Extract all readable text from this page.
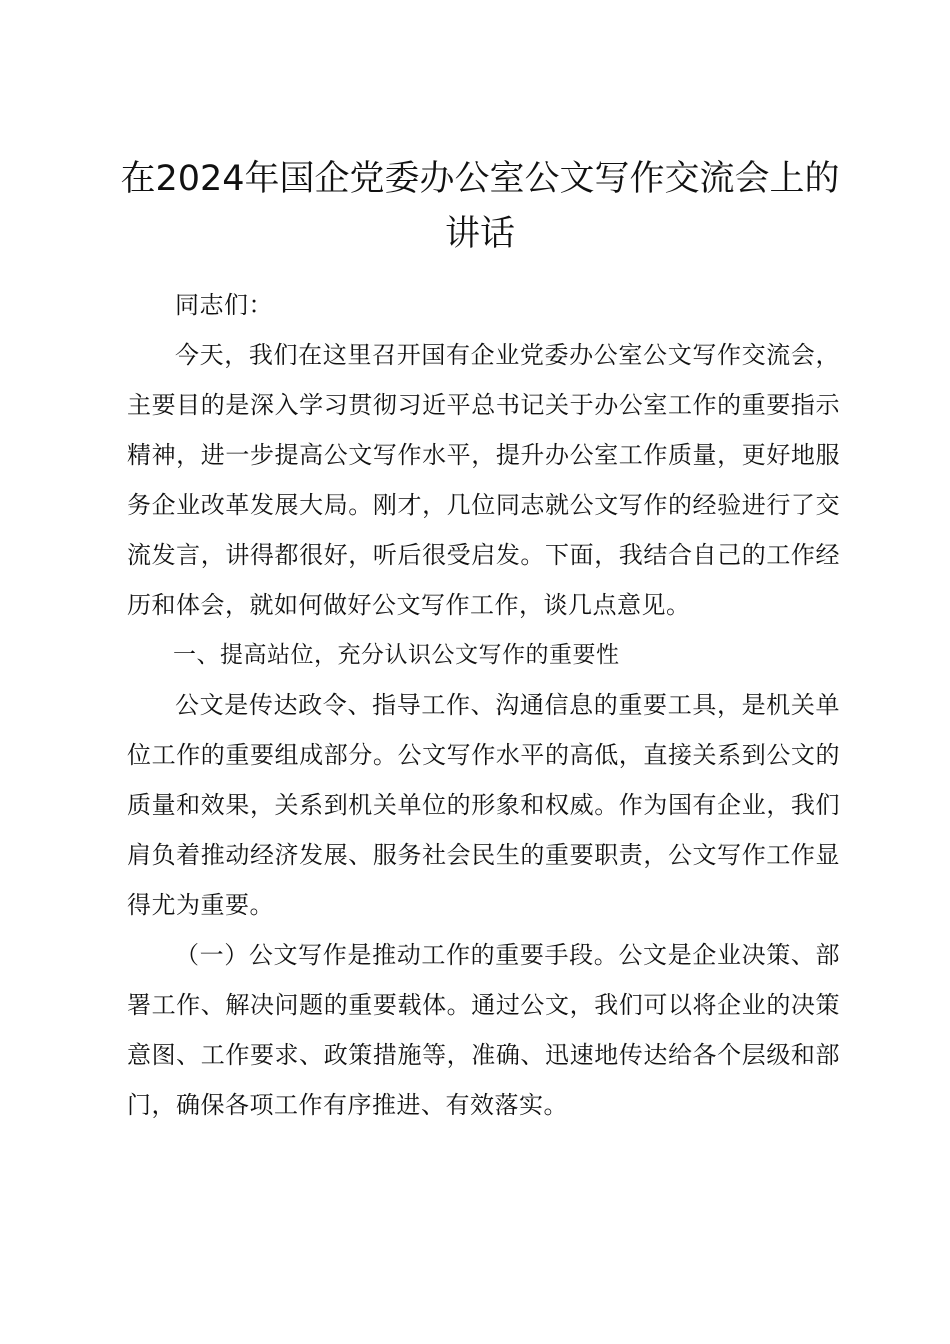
在2024年国企党委办公室公文写作交流会上的讲话

同志们：

今天，我们在这里召开国有企业党委办公室公文写作交流会，主要目的是深入学习贯彻习近平总书记关于办公室工作的重要指示精神，进一步提高公文写作水平，提升办公室工作质量，更好地服务企业改革发展大局。刚才，几位同志就公文写作的经验进行了交流发言，讲得都很好，听后很受启发。下面，我结合自己的工作经历和体会，就如何做好公文写作工作，谈几点意见。

一、提高站位，充分认识公文写作的重要性

公文是传达政令、指导工作、沟通信息的重要工具，是机关单位工作的重要组成部分。公文写作水平的高低，直接关系到公文的质量和效果，关系到机关单位的形象和权威。作为国有企业，我们肩负着推动经济发展、服务社会民生的重要职责，公文写作工作显得尤为重要。

（一）公文写作是推动工作的重要手段。公文是企业决策、部署工作、解决问题的重要载体。通过公文，我们可以将企业的决策意图、工作要求、政策措施等，准确、迅速地传达给各个层级和部门，确保各项工作有序推进、有效落实。
